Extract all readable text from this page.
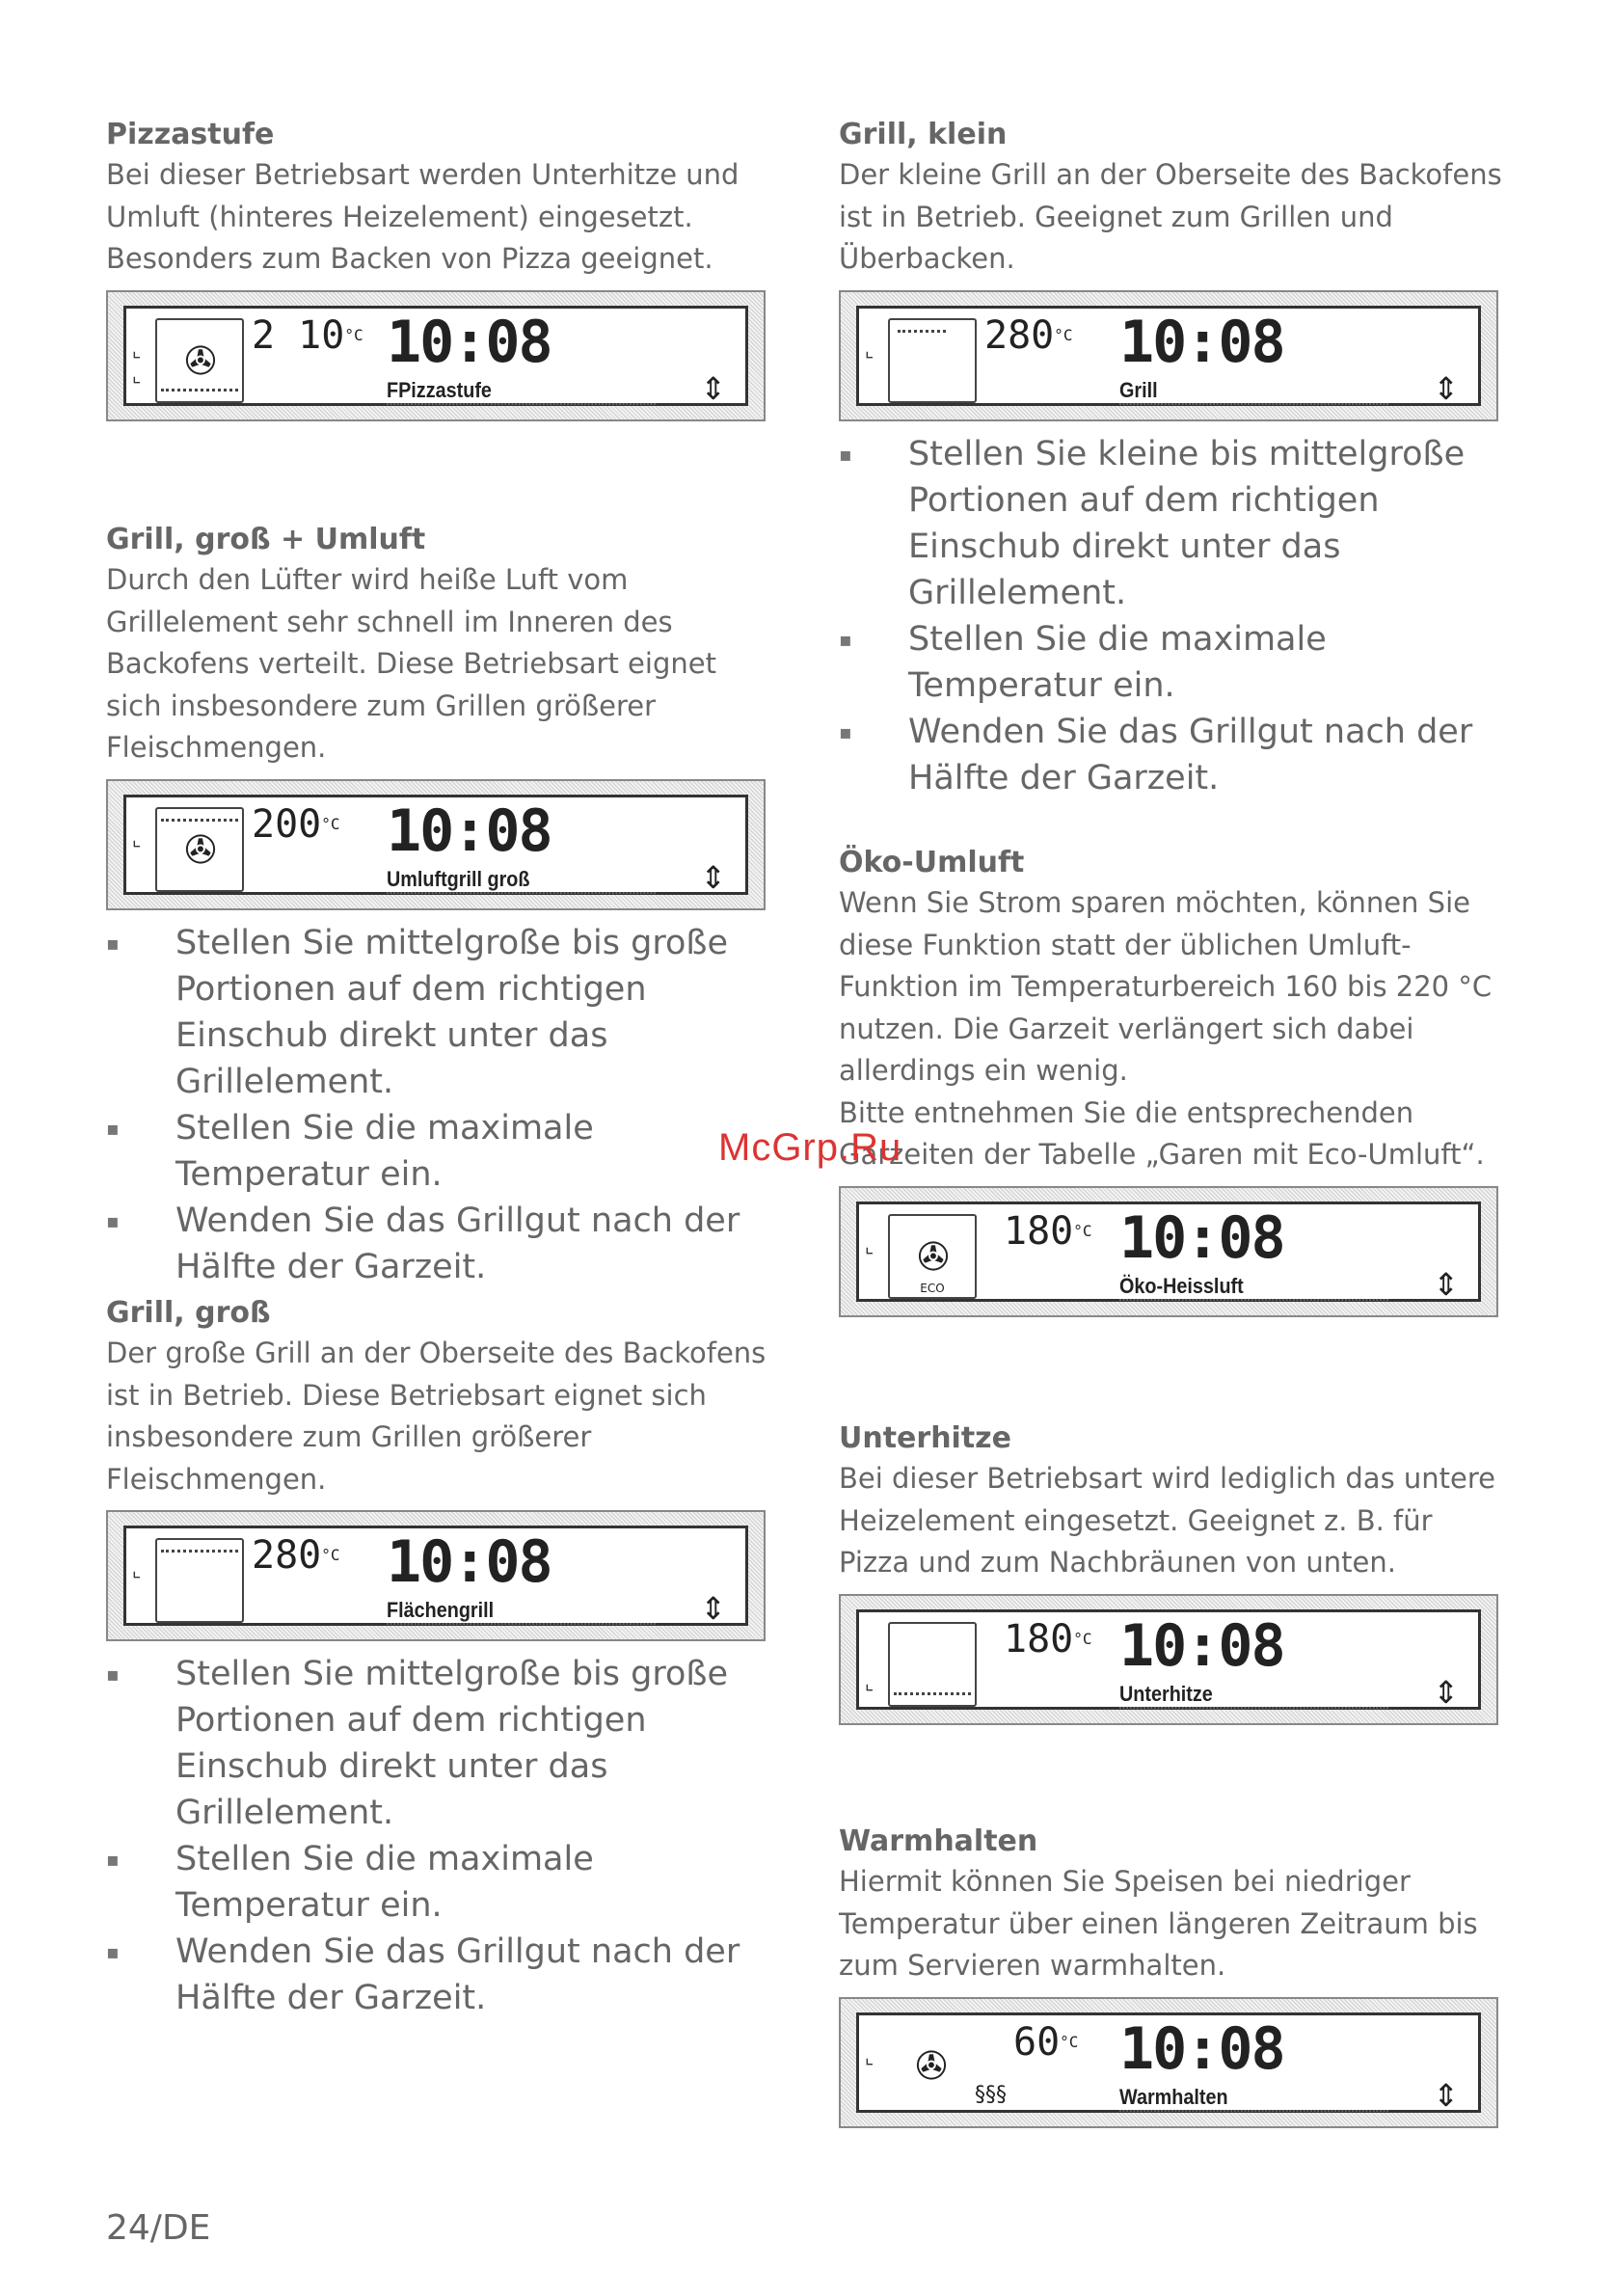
Pizzastufe

Bei dieser Betriebsart werden Unterhitze und Umluft (hinteres Heizelement) eingesetzt. Besonders zum Backen von Pizza geeignet.

⌞
⌞ ✇
2 $10^{^\circ C}$ 10:08
FPizzastufe	⇕
Grill, groß + Umluft

Durch den Lüfter wird heiße Luft vom Grillelement sehr schnell im Inneren des Backofens verteilt. Diese Betriebsart eignet sich insbesondere zum Grillen größerer Fleischmengen.

⌞ ✇
$200^{^\circ C}$ 10:08
Umluftgrill groß	⇕
▪ Stellen Sie mittelgroße bis große Portionen auf dem richtigen Einschub direkt unter das Grillelement.
▪ Stellen Sie die maximale Temperatur ein.
▪ Wenden Sie das Grillgut nach der Hälfte der Garzeit.
Grill, groß

Der große Grill an der Oberseite des Backofens ist in Betrieb. Diese Betriebsart eignet sich insbesondere zum Grillen größerer Fleischmengen.

⌞	$280^{^\circ C}$ 10:08
Flächengrill	⇕
▪ Stellen Sie mittelgroße bis große Portionen auf dem richtigen Einschub direkt unter das Grillelement.
▪ Stellen Sie die maximale Temperatur ein.
▪ Wenden Sie das Grillgut nach der Hälfte der Garzeit.
Grill, klein

Der kleine Grill an der Oberseite des Backofens ist in Betrieb. Geeignet zum Grillen und Überbacken.

⌞	$280^{^\circ C}$ 10:08
Grill	⇕
▪ Stellen Sie kleine bis mittelgroße Portionen auf dem richtigen Einschub direkt unter das Grillelement.
▪ Stellen Sie die maximale Temperatur ein.
▪ Wenden Sie das Grillgut nach der Hälfte der Garzeit.
Öko-Umluft

Wenn Sie Strom sparen möchten, können Sie diese Funktion statt der üblichen Umluft-Funktion im Temperaturbereich 160 bis 220 °C nutzen. Die Garzeit verlängert sich dabei allerdings ein wenig.

Bitte entnehmen Sie die entsprechenden Garzeiten der Tabelle „Garen mit Eco-Umluft“.

⌞ ✇
ECO
$180^{^\circ C}$ 10:08
Öko-Heissluft	⇕
Unterhitze

Bei dieser Betriebsart wird lediglich das untere Heizelement eingesetzt. Geeignet z. B. für Pizza und zum Nachbräunen von unten.

⌞
$180^{^\circ C}$ 10:08
Unterhitze	⇕
Warmhalten

Hiermit können Sie Speisen bei niedriger Temperatur über einen längeren Zeitraum bis zum Servieren warmhalten.

⌞ ✇
§§§
$60^{^\circ C}$ 10:08
Warmhalten	⇕
McGrp.Ru
24/DE
